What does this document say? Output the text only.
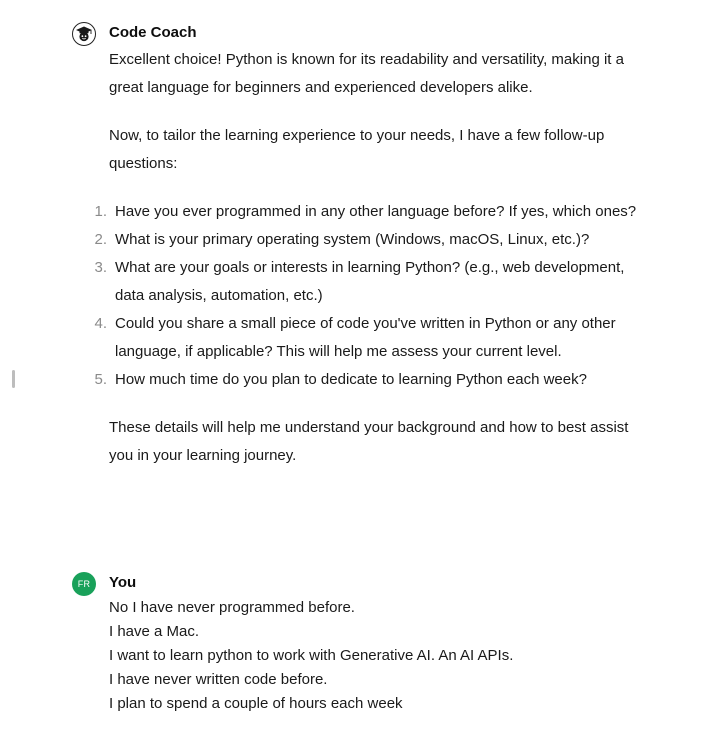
Code Coach

Excellent choice! Python is known for its readability and versatility, making it a great language for beginners and experienced developers alike.

Now, to tailor the learning experience to your needs, I have a few follow-up questions:

1. Have you ever programmed in any other language before? If yes, which ones?
2. What is your primary operating system (Windows, macOS, Linux, etc.)?
3. What are your goals or interests in learning Python? (e.g., web development, data analysis, automation, etc.)
4. Could you share a small piece of code you've written in Python or any other language, if applicable? This will help me assess your current level.
5. How much time do you plan to dedicate to learning Python each week?

These details will help me understand your background and how to best assist you in your learning journey.

FR	You

No I have never programmed before.

I have a Mac.

I want to learn python to work with Generative AI. An AI APIs.

I have never written code before.

I plan to spend a couple of hours each week
